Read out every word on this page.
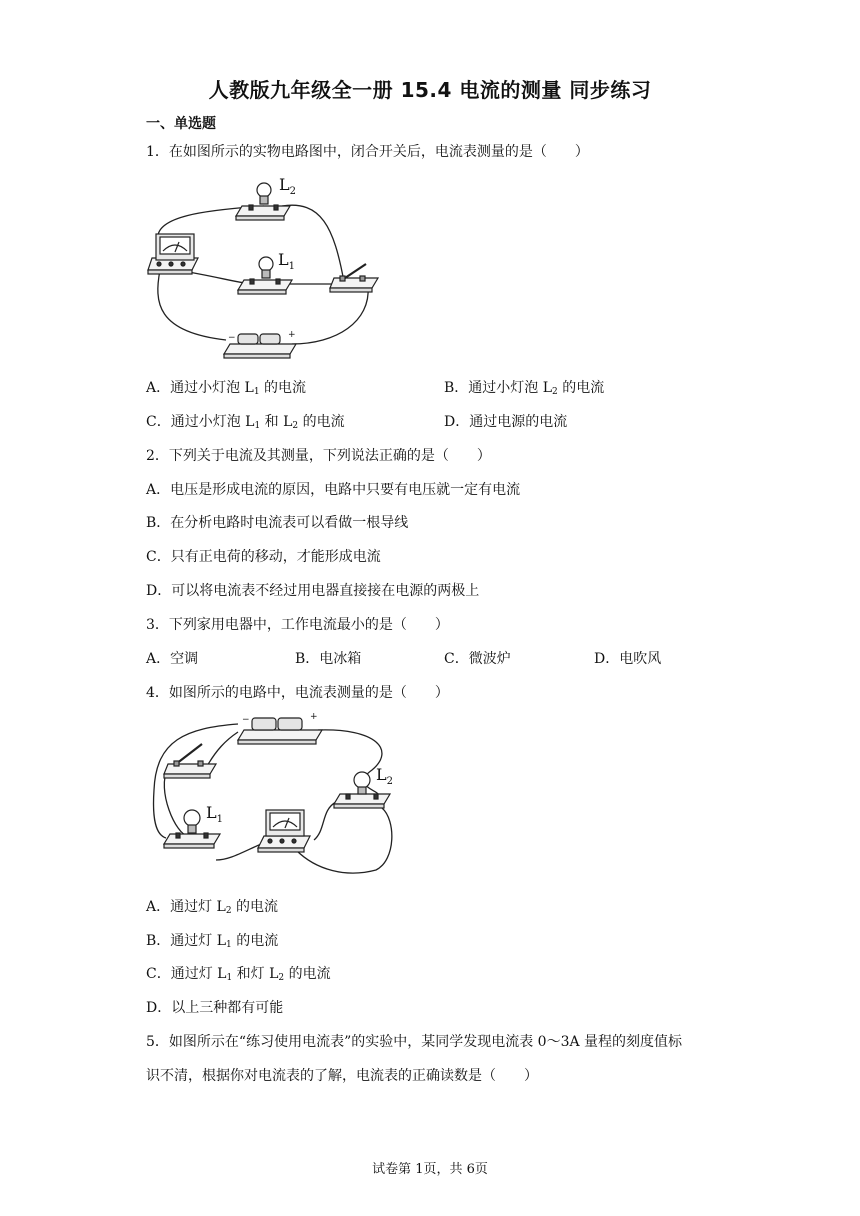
人教版九年级全一册 15.4 电流的测量 同步练习
一、单选题
1．在如图所示的实物电路图中，闭合开关后，电流表测量的是（　　）
$L_2$
$L_1$
−	+
A．通过小灯泡 $L_1$ 的电流	B．通过小灯泡 $L_2$ 的电流
C．通过小灯泡 $L_1$ 和 $L_2$ 的电流	D．通过电源的电流
2．下列关于电流及其测量，下列说法正确的是（　　）
A．电压是形成电流的原因，电路中只要有电压就一定有电流
B．在分析电路时电流表可以看做一根导线
C．只有正电荷的移动，才能形成电流
D．可以将电流表不经过用电器直接接在电源的两极上
3．下列家用电器中，工作电流最小的是（　　）
A．空调	B．电冰箱	C．微波炉	D．电吹风
4．如图所示的电路中，电流表测量的是（　　）
−	+
$L_2$
$L_1$
A．通过灯 $L_2$ 的电流
B．通过灯 $L_1$ 的电流
C．通过灯 $L_1$ 和灯 $L_2$ 的电流
D．以上三种都有可能
5．如图所示在“练习使用电流表”的实验中，某同学发现电流表 0～3A 量程的刻度值标
识不清，根据你对电流表的了解，电流表的正确读数是（　　）
试卷第 1页，共 6页
